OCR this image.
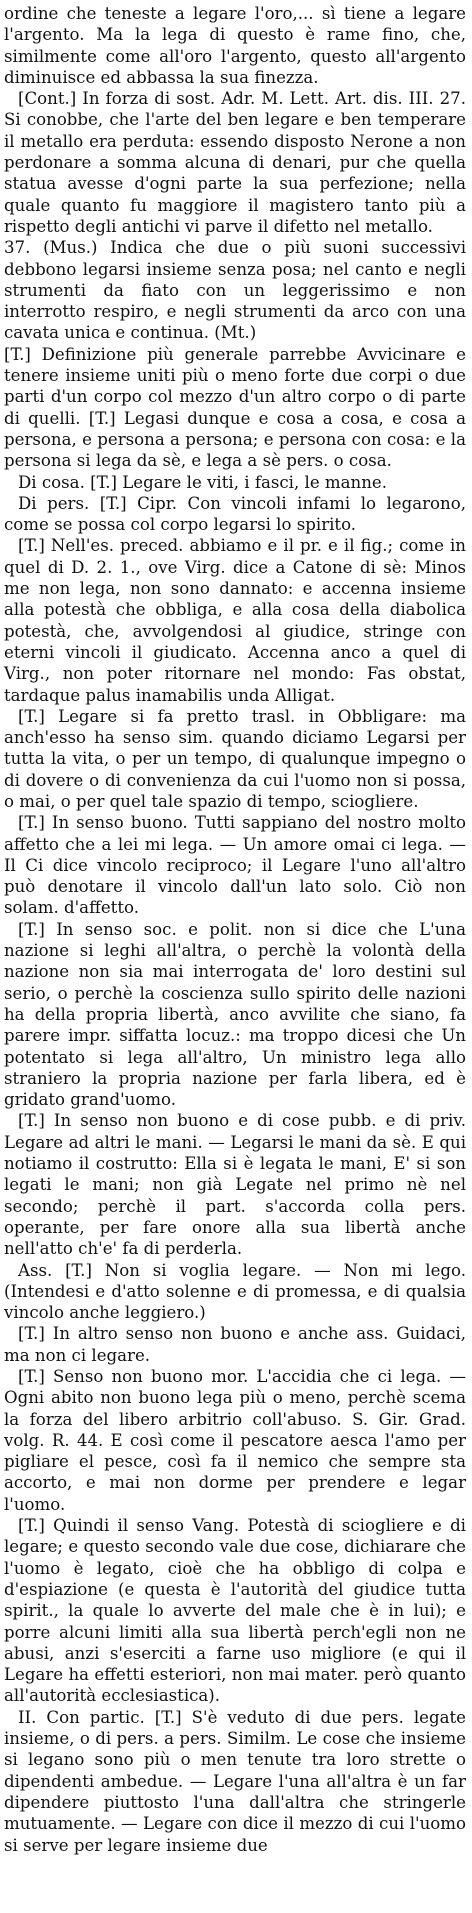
ordine che teneste a legare l'oro,... sì tiene a legare l'argento. Ma la lega di questo è rame fino, che, similmente come all'oro l'argento, questo all'argento diminuisce ed abbassa la sua finezza.

[Cont.] In forza di sost. Adr. M. Lett. Art. dis. III. 27. Si conobbe, che l'arte del ben legare e ben temperare il metallo era perduta: essendo disposto Nerone a non perdonare a somma alcuna di denari, pur che quella statua avesse d'ogni parte la sua perfezione; nella quale quanto fu maggiore il magistero tanto più a rispetto degli antichi vi parve il difetto nel metallo.

37. (Mus.) Indica che due o più suoni successivi debbono legarsi insieme senza posa; nel canto e negli strumenti da fiato con un leggerissimo e non interrotto respiro, e negli strumenti da arco con una cavata unica e continua. (Mt.)

[T.] Definizione più generale parrebbe Avvicinare e tenere insieme uniti più o meno forte due corpi o due parti d'un corpo col mezzo d'un altro corpo o di parte di quelli. [T.] Legasi dunque e cosa a cosa, e cosa a persona, e persona a persona; e persona con cosa: e la persona si lega da sè, e lega a sè pers. o cosa.

Di cosa. [T.] Legare le viti, i fasci, le manne.

Di pers. [T.] Cipr. Con vincoli infami lo legarono, come se possa col corpo legarsi lo spirito.

[T.] Nell'es. preced. abbiamo e il pr. e il fig.; come in quel di D. 2. 1., ove Virg. dice a Catone di sè: Minos me non lega, non sono dannato: e accenna insieme alla potestà che obbliga, e alla cosa della diabolica potestà, che, avvolgendosi al giudice, stringe con eterni vincoli il giudicato. Accenna anco a quel di Virg., non poter ritornare nel mondo: Fas obstat, tardaque palus inamabilis unda Alligat.

[T.] Legare si fa pretto trasl. in Obbligare: ma anch'esso ha senso sim. quando diciamo Legarsi per tutta la vita, o per un tempo, di qualunque impegno o di dovere o di convenienza da cui l'uomo non si possa, o mai, o per quel tale spazio di tempo, sciogliere.

[T.] In senso buono. Tutti sappiano del nostro molto affetto che a lei mi lega. — Un amore omai ci lega. — Il Ci dice vincolo reciproco; il Legare l'uno all'altro può denotare il vincolo dall'un lato solo. Ciò non solam. d'affetto.

[T.] In senso soc. e polit. non si dice che L'una nazione si leghi all'altra, o perchè la volontà della nazione non sia mai interrogata de' loro destini sul serio, o perchè la coscienza sullo spirito delle nazioni ha della propria libertà, anco avvilite che siano, fa parere impr. siffatta locuz.: ma troppo dicesi che Un potentato si lega all'altro, Un ministro lega allo straniero la propria nazione per farla libera, ed è gridato grand'uomo.

[T.] In senso non buono e di cose pubb. e di priv. Legare ad altri le mani. — Legarsi le mani da sè. E qui notiamo il costrutto: Ella si è legata le mani, E' si son legati le mani; non già Legate nel primo nè nel secondo; perchè il part. s'accorda colla pers. operante, per fare onore alla sua libertà anche nell'atto ch'e' fa di perderla.

Ass. [T.] Non si voglia legare. — Non mi lego. (Intendesi e d'atto solenne e di promessa, e di qualsia vincolo anche leggiero.)

[T.] In altro senso non buono e anche ass. Guidaci, ma non ci legare.

[T.] Senso non buono mor. L'accidia che ci lega. — Ogni abito non buono lega più o meno, perchè scema la forza del libero arbitrio coll'abuso. S. Gir. Grad. volg. R. 44. E così come il pescatore aesca l'amo per pigliare el pesce, così fa il nemico che sempre sta accorto, e mai non dorme per prendere e legar l'uomo.

[T.] Quindi il senso Vang. Potestà di sciogliere e di legare; e questo secondo vale due cose, dichiarare che l'uomo è legato, cioè che ha obbligo di colpa e d'espiazione (e questa è l'autorità del giudice tutta spirit., la quale lo avverte del male che è in lui); e porre alcuni limiti alla sua libertà perch'egli non ne abusi, anzi s'eserciti a farne uso migliore (e qui il Legare ha effetti esteriori, non mai mater. però quanto all'autorità ecclesiastica).

II. Con partic. [T.] S'è veduto di due pers. legate insieme, o di pers. a pers. Similm. Le cose che insieme si legano sono più o men tenute tra loro strette o dipendenti ambedue. — Legare l'una all'altra è un far dipendere piuttosto l'una dall'altra che stringerle mutuamente. — Legare con dice il mezzo di cui l'uomo si serve per legare insieme due
